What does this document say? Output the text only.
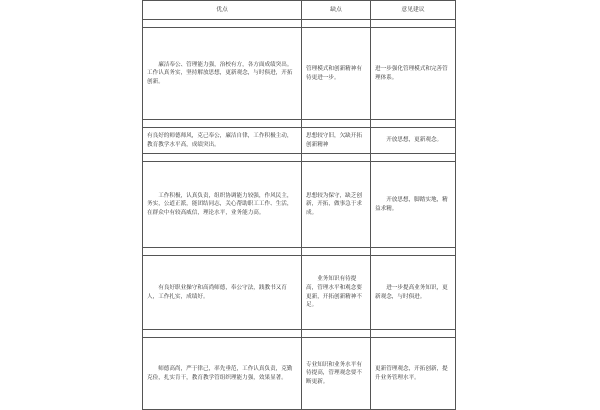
优点	缺点	意见建议

廉洁奉公、管理能力强，治校有方，各方面成绩突出。工作认真务实，坚持解放思想，更新观念，与时俱进，开拓创新。	管理模式和创新精神有待更进一步。	进一步强化管理模式和完善管理体系。

有良好的师德师风，克己奉公，廉洁自律，工作积极主动，教育教学水平高，成绩突出。	思想较守旧，欠缺开拓创新精神	开放思想，更新观念。

工作积极，认真负责，组织协调能力较强，作风民主，务实，公道正派，能团结同志，关心帮助职工工作、生活，在群众中有较高威信，理论水平，业务能力高。	思想较为保守，缺乏创新，开拓，做事急于求成。	开放思想，脚踏实地，精益求精。

有良好职业操守和高尚师德，奉公守法，践教书又育人，工作扎实，成绩好。	业务知识有待提高，管理水平和观念要更新，开拓创新精神不足。	进一步提高业务知识，更新观念，与时俱进。

师德高尚，严于律己，率先垂范，工作认真负责，克勤克俭，扎实肯干，教育教学管组织理能力强，效果显著。	专业知识和业务水平有待提高，管理观念要不断更新。	更新管理观念，开拓创新，提升业务管理水平。
